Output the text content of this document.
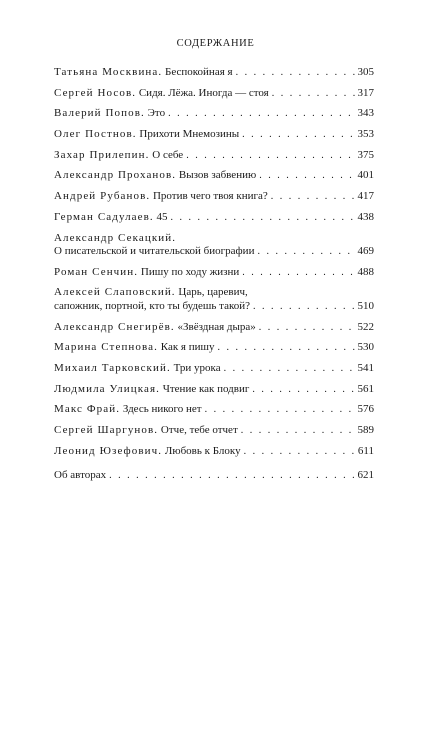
СОДЕРЖАНИЕ
Татьяна Москвина. Беспокойная я . . .	305
Сергей Носов. Сидя. Лёжа. Иногда — стоя . . .	317
Валерий Попов. Это . . .	343
Олег Постнов. Прихоти Мнемозины . . .	353
Захар Прилепин. О себе . . .	375
Александр Проханов. Вызов забвению . . .	401
Андрей Рубанов. Против чего твоя книга? . . .	417
Герман Садулаев. 45 . . .	438
Александр Секацкий.
О писательской и читательской биографии . . .	469
Роман Сенчин. Пишу по ходу жизни . . .	488
Алексей Слаповский. Царь, царевич,
сапожник, портной, кто ты будешь такой? . . .	510
Александр Снегирёв. «Звёздная дыра» . . .	522
Марина Степнова. Как я пишу . . .	530
Михаил Тарковский. Три урока . . .	541
Людмила Улицкая. Чтение как подвиг . . .	561
Макс Фрай. Здесь никого нет . . .	576
Сергей Шаргунов. Отче, тебе отчет . . .	589
Леонид Юзефович. Любовь к Блоку . . .	611
Об авторах . . .	621
